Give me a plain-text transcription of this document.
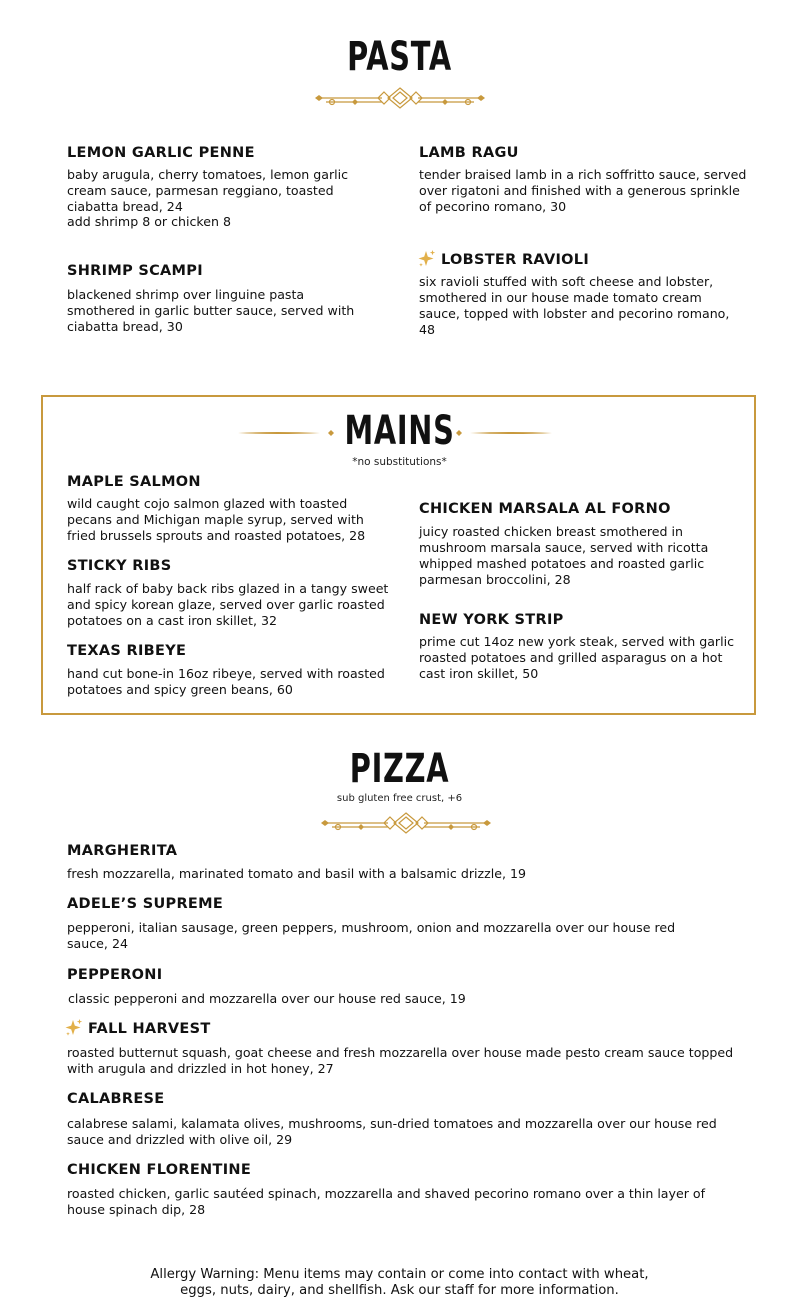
PASTA
LEMON GARLIC PENNE
baby arugula, cherry tomatoes, lemon garlic cream sauce, parmesan reggiano, toasted ciabatta bread, 24
add shrimp 8 or chicken 8
LAMB RAGU
tender braised lamb in a rich soffritto sauce, served over rigatoni and finished with a generous sprinkle of pecorino romano, 30
SHRIMP SCAMPI
blackened shrimp over linguine pasta smothered in garlic butter sauce, served with ciabatta bread, 30
LOBSTER RAVIOLI
six ravioli stuffed with soft cheese and lobster, smothered in our house made tomato cream sauce, topped with lobster and pecorino romano, 48
MAINS
*no substitutions*
MAPLE SALMON
wild caught cojo salmon glazed with toasted pecans and Michigan maple syrup, served with fried brussels sprouts and roasted potatoes, 28
CHICKEN MARSALA AL FORNO
juicy roasted chicken breast smothered in mushroom marsala sauce, served with ricotta whipped mashed potatoes and roasted garlic parmesan broccolini, 28
STICKY RIBS
half rack of baby back ribs glazed in a tangy sweet and spicy korean glaze, served over garlic roasted potatoes on a cast iron skillet, 32	NEW YORK STRIP
prime cut 14oz new york steak, served with garlic roasted potatoes and grilled asparagus on a hot cast iron skillet, 50
TEXAS RIBEYE
hand cut bone-in 16oz ribeye, served with roasted potatoes and spicy green beans, 60
PIZZA
sub gluten free crust, +6
MARGHERITA
fresh mozzarella, marinated tomato and basil with a balsamic drizzle, 19
ADELE’S SUPREME
pepperoni, italian sausage, green peppers, mushroom, onion and mozzarella over our house red sauce, 24
PEPPERONI
classic pepperoni and mozzarella over our house red sauce, 19
FALL HARVEST
roasted butternut squash, goat cheese and fresh mozzarella over house made pesto cream sauce topped with arugula and drizzled in hot honey, 27
CALABRESE
calabrese salami, kalamata olives, mushrooms, sun-dried tomatoes and mozzarella over our house red sauce and drizzled with olive oil, 29
CHICKEN FLORENTINE
roasted chicken, garlic sautéed spinach, mozzarella and shaved pecorino romano over a thin layer of house spinach dip, 28
Allergy Warning: Menu items may contain or come into contact with wheat,
eggs, nuts, dairy, and shellfish. Ask our staff for more information.
